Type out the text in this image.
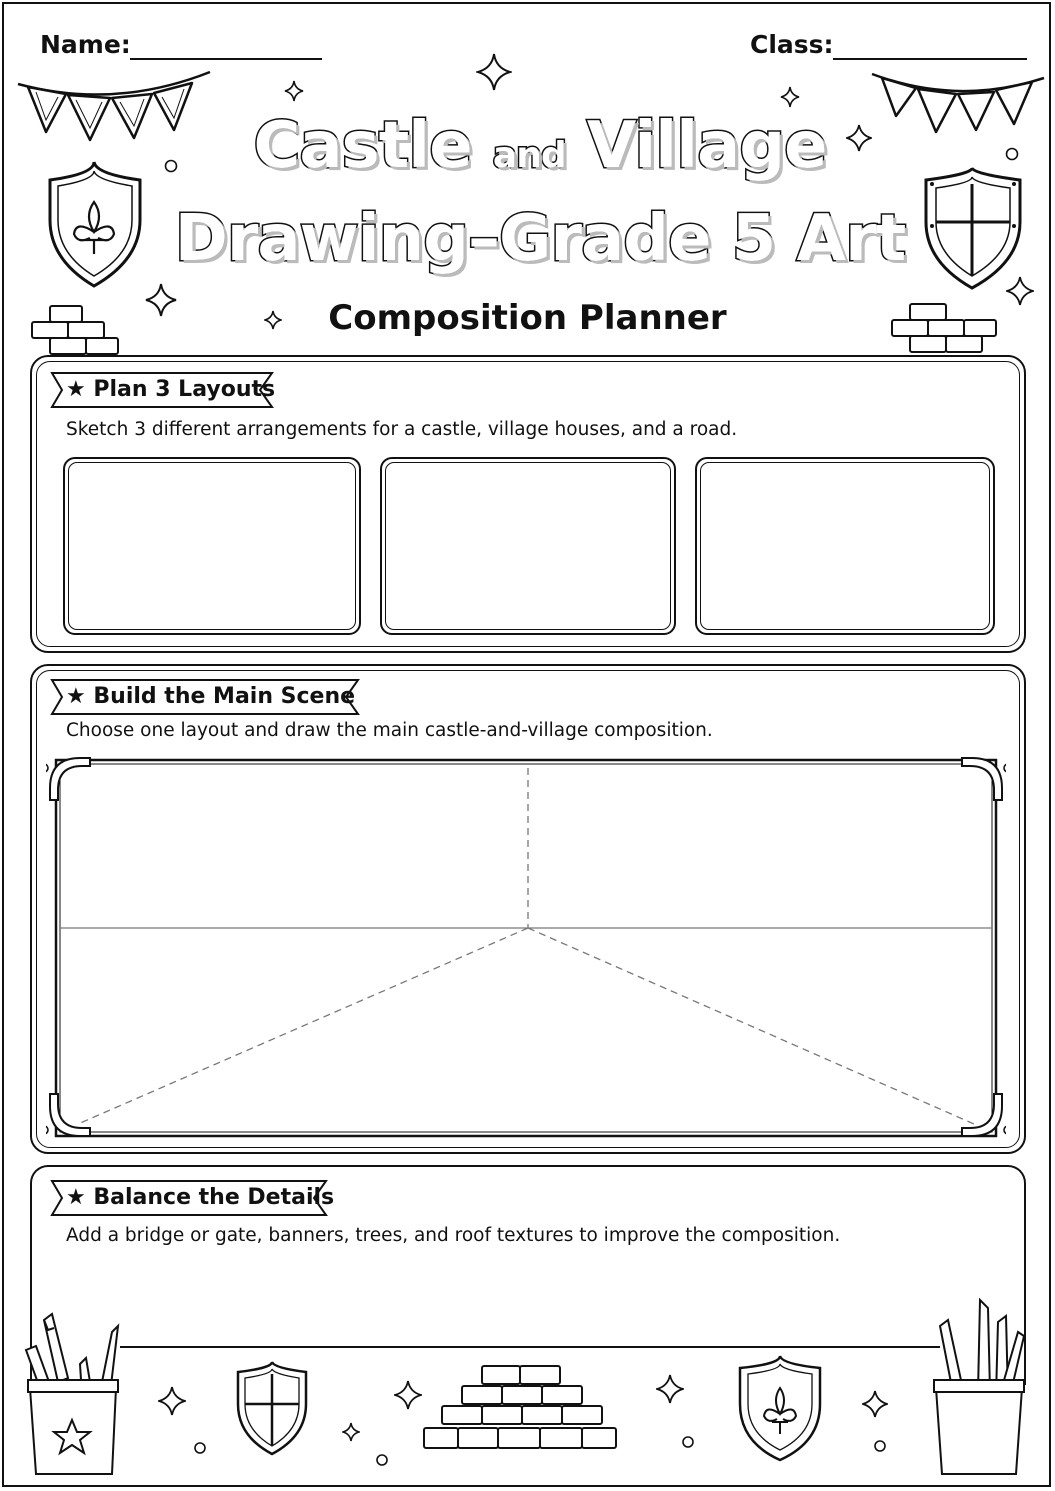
Name:	Class:
Castle and Village
Drawing–Grade 5 Art
Composition Planner
★ Plan 3 Layouts
Sketch 3 different arrangements for a castle, village houses, and a road.
★ Build the Main Scene
Choose one layout and draw the main castle-and-village composition.
★ Balance the Details
Add a bridge or gate, banners, trees, and roof textures to improve the composition.
